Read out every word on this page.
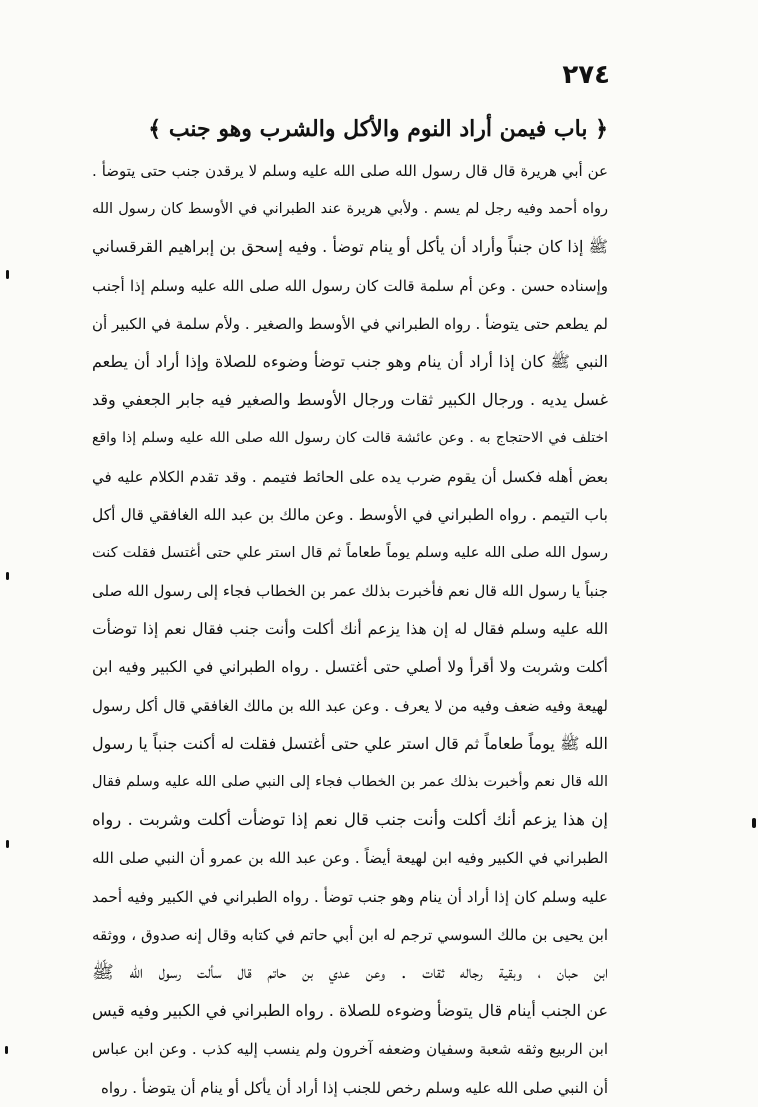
٢٧٤
﴿ باب فيمن أراد النوم والأكل والشرب وهو جنب ﴾
عن أبي هريرة قال قال رسول الله صلى الله عليه وسلم لا يرقدن جنب حتى يتوضأ .
رواه أحمد وفيه رجل لم يسم . ولأبي هريرة عند الطبراني في الأوسط كان رسول الله
ﷺ إذا كان جنباً وأراد أن يأكل أو ينام توضأ . وفيه إسحق بن إبراهيم القرقساني
وإسناده حسن . وعن أم سلمة قالت كان رسول الله صلى الله عليه وسلم إذا أجنب
لم يطعم حتى يتوضأ . رواه الطبراني في الأوسط والصغير . ولأم سلمة في الكبير أن
النبي ﷺ كان إذا أراد أن ينام وهو جنب توضأ وضوءه للصلاة وإذا أراد أن يطعم
غسل يديه . ورجال الكبير ثقات ورجال الأوسط والصغير فيه جابر الجعفي وقد
اختلف في الاحتجاج به . وعن عائشة قالت كان رسول الله صلى الله عليه وسلم إذا واقع
بعض أهله فكسل أن يقوم ضرب يده على الحائط فتيمم . وقد تقدم الكلام عليه في
باب التيمم . رواه الطبراني في الأوسط . وعن مالك بن عبد الله الغافقي قال أكل
رسول الله صلى الله عليه وسلم يوماً طعاماً ثم قال استر علي حتى أغتسل فقلت كنت
جنباً يا رسول الله قال نعم فأخبرت بذلك عمر بن الخطاب فجاء إلى رسول الله صلى
الله عليه وسلم فقال له إن هذا يزعم أنك أكلت وأنت جنب فقال نعم إذا توضأت
أكلت وشربت ولا أقرأ ولا أصلي حتى أغتسل . رواه الطبراني في الكبير وفيه ابن
لهيعة وفيه ضعف وفيه من لا يعرف . وعن عبد الله بن مالك الغافقي قال أكل رسول
الله ﷺ يوماً طعاماً ثم قال استر علي حتى أغتسل فقلت له أكنت جنباً يا رسول
الله قال نعم وأخبرت بذلك عمر بن الخطاب فجاء إلى النبي صلى الله عليه وسلم فقال
إن هذا يزعم أنك أكلت وأنت جنب قال نعم إذا توضأت أكلت وشربت . رواه
الطبراني في الكبير وفيه ابن لهيعة أيضاً . وعن عبد الله بن عمرو أن النبي صلى الله
عليه وسلم كان إذا أراد أن ينام وهو جنب توضأ . رواه الطبراني في الكبير وفيه أحمد
ابن يحيى بن مالك السوسي ترجم له ابن أبي حاتم في كتابه وقال إنه صدوق ، ووثقه
ابن حبان ، وبقية رجاله ثقات . وعن عدي بن حاتم قال سألت رسول الله ﷺ
عن الجنب أينام قال يتوضأ وضوءه للصلاة . رواه الطبراني في الكبير وفيه قيس
ابن الربيع وثقه شعبة وسفيان وضعفه آخرون ولم ينسب إليه كذب . وعن ابن عباس
أن النبي صلى الله عليه وسلم رخص للجنب إذا أراد أن يأكل أو ينام أن يتوضأ . رواه
